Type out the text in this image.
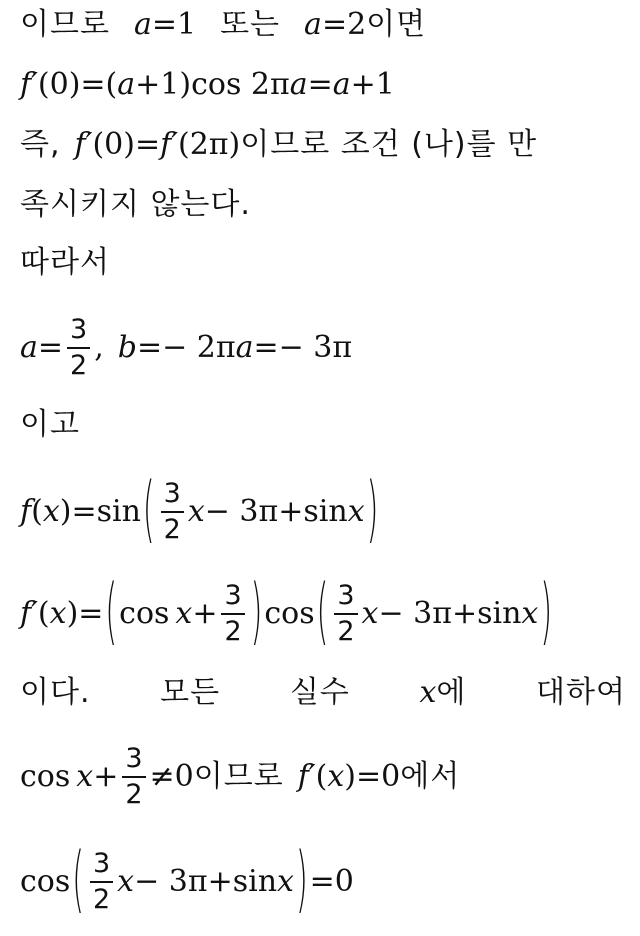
이므로 a =1 또는 a =2 이면
f′ (0) =( a +1)cos 2π a = a +1
즉, f′ (0)= f′ (2π) 이므로 조건 (나)를 만
족시키지 않는다.
따라서
$a = \frac{3}{2}$ , b =− 2π a =− 3π
이고
f ( x ) =sin ( $\frac{3}{2}$ x − 3π+sin x )
f′ ( x ) = ( $\cos x + \frac{3}{2}$ ) cos ( $\frac{3}{2}$ x − 3π+sin x )
이다. 모든 실수 x에 대하여
$\cos x + \frac{3}{2} \ne 0$ 이므로 f′ ( x ) =0 에서
cos ( $\frac{3}{2}$ x − 3π+sin x ) =0
